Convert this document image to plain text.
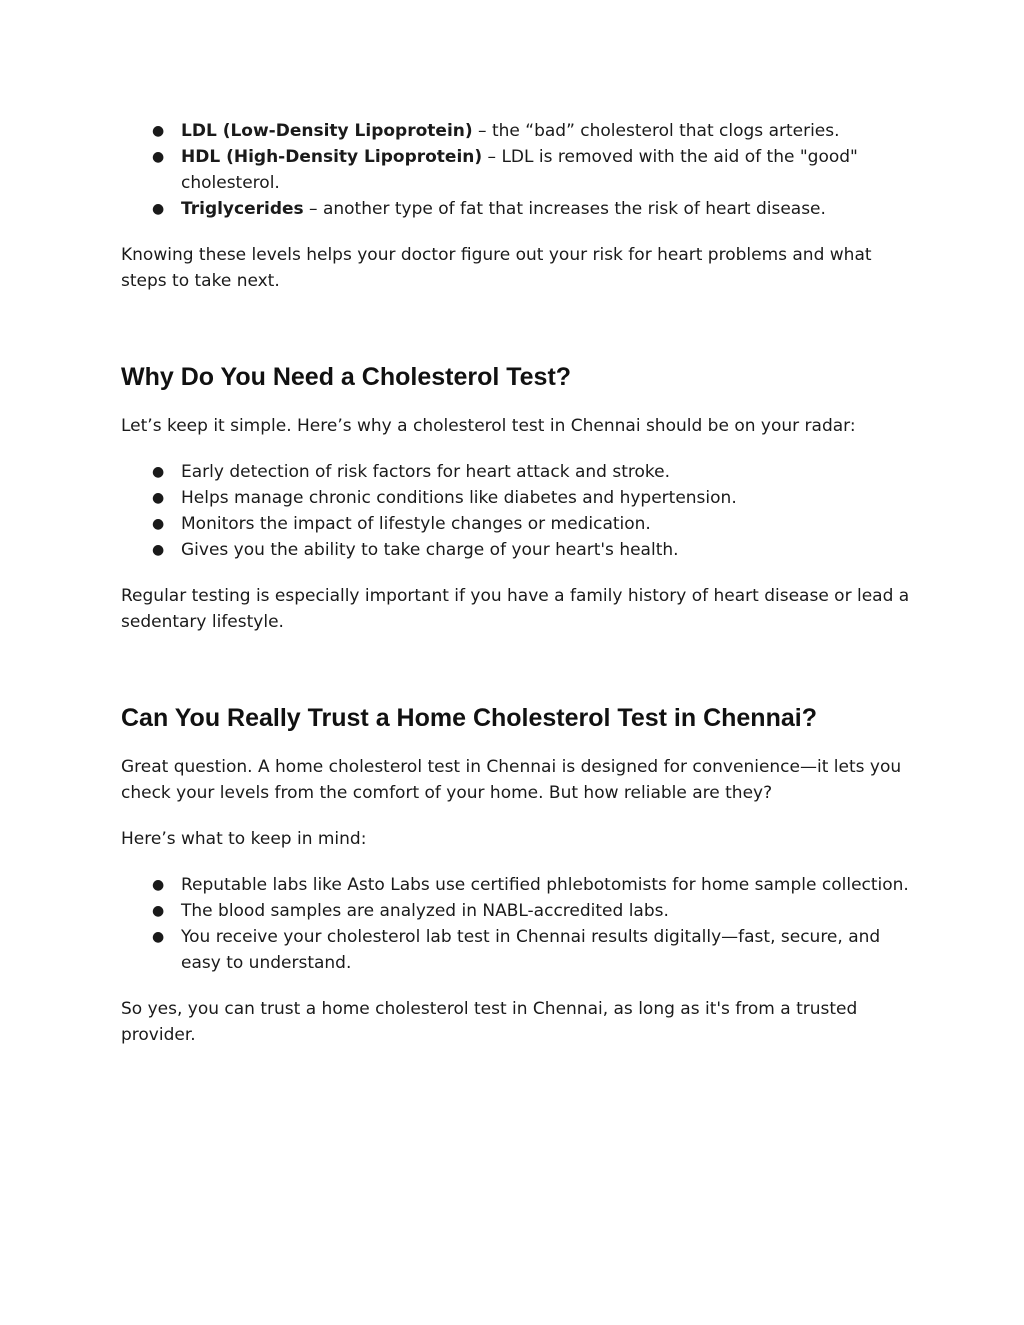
● LDL (Low-Density Lipoprotein) – the “bad” cholesterol that clogs arteries.
● HDL (High-Density Lipoprotein) – LDL is removed with the aid of the "good" cholesterol.
● Triglycerides – another type of fat that increases the risk of heart disease.

Knowing these levels helps your doctor figure out your risk for heart problems and what steps to take next.

Why Do You Need a Cholesterol Test?

Let’s keep it simple. Here’s why a cholesterol test in Chennai should be on your radar:

● Early detection of risk factors for heart attack and stroke.
● Helps manage chronic conditions like diabetes and hypertension.
● Monitors the impact of lifestyle changes or medication.
● Gives you the ability to take charge of your heart's health.

Regular testing is especially important if you have a family history of heart disease or lead a sedentary lifestyle.

Can You Really Trust a Home Cholesterol Test in Chennai?

Great question. A home cholesterol test in Chennai is designed for convenience—it lets you check your levels from the comfort of your home. But how reliable are they?

Here’s what to keep in mind:

● Reputable labs like Asto Labs use certified phlebotomists for home sample collection.
● The blood samples are analyzed in NABL-accredited labs.
● You receive your cholesterol lab test in Chennai results digitally—fast, secure, and easy to understand.

So yes, you can trust a home cholesterol test in Chennai, as long as it's from a trusted provider.
